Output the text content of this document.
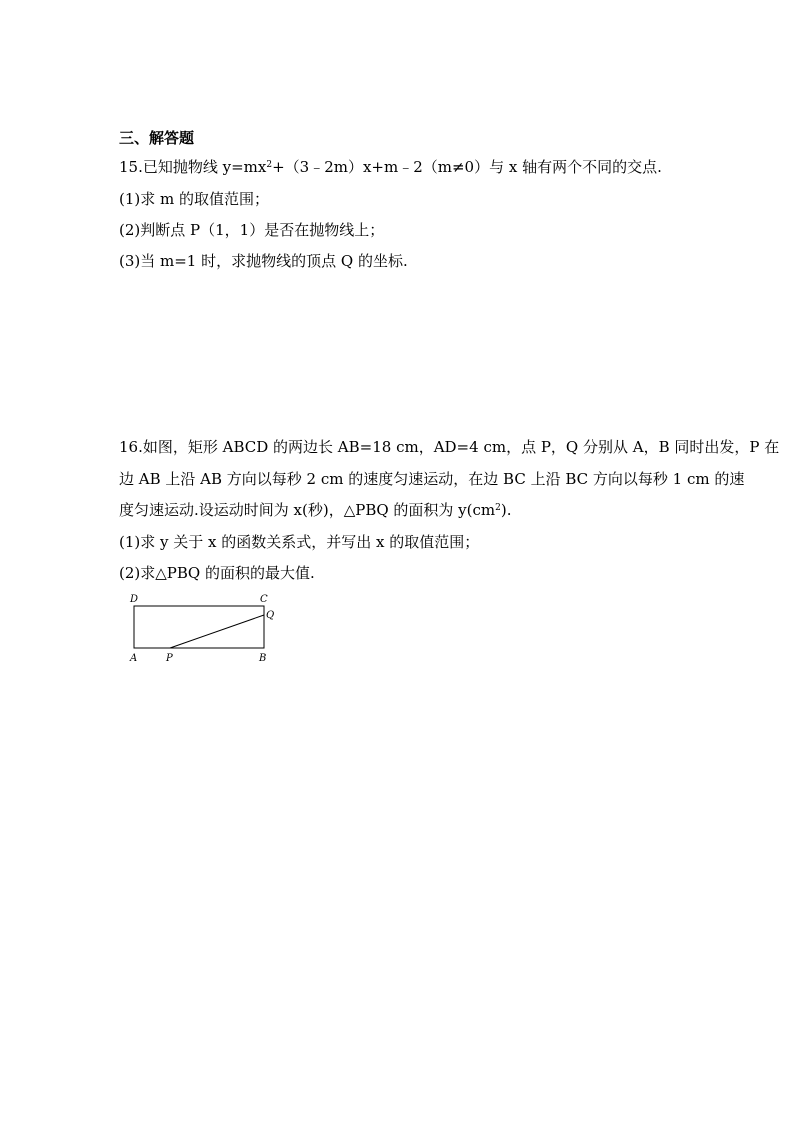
三、解答题
15.已知抛物线 $y=mx^2+(3﹣2m)x+m﹣2(m\ne 0)$与 x 轴有两个不同的交点.
(1)求 m 的取值范围；
(2)判断点 P（1，1）是否在抛物线上；
(3)当 m=1 时，求抛物线的顶点 Q 的坐标.
16.如图，矩形 ABCD 的两边长 AB=18 cm，AD=4 cm，点 P，Q 分别从 A，B 同时出发，P 在
边 AB 上沿 AB 方向以每秒 2 cm 的速度匀速运动，在边 BC 上沿 BC 方向以每秒 1 cm 的速
度匀速运动.设运动时间为 x(秒)，△PBQ 的面积为 $y(cm^2)$.
(1)求 y 关于 x 的函数关系式，并写出 x 的取值范围；
(2)求△PBQ 的面积的最大值.
D	C
Q
A	P	B
